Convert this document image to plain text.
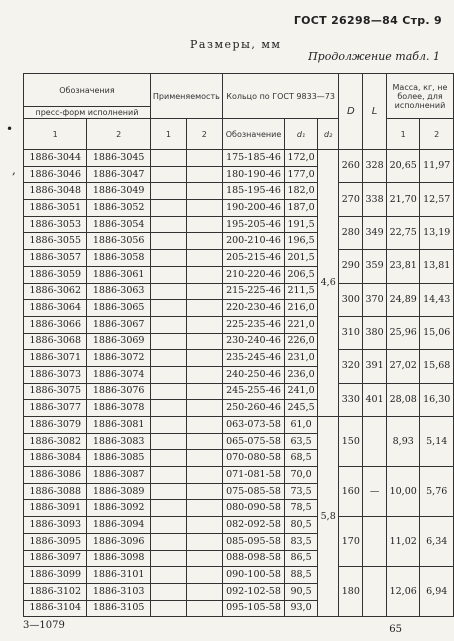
ГОСТ 26298—84 Стр. 9
Размеры, мм
Продолжение табл. 1
•
,
Обозначения		Применяемость		Кольцо по ГОСТ 9833—73			D	L	Масса, кг, не более, для исполнений	
пресс-форм исполнений										
1	2	1	2	Обозначение	d₁	d₂			1	2
1886-3044	1886-3045			175-185-46	172,0	4,6	260	328	20,65	11,97
1886-3046	1886-3047			180-190-46	177,0					
1886-3048	1886-3049			185-195-46	182,0		270	338	21,70	12,57
1886-3051	1886-3052			190-200-46	187,0					
1886-3053	1886-3054			195-205-46	191,5		280	349	22,75	13,19
1886-3055	1886-3056			200-210-46	196,5					
1886-3057	1886-3058			205-215-46	201,5		290	359	23,81	13,81
1886-3059	1886-3061			210-220-46	206,5					
1886-3062	1886-3063			215-225-46	211,5		300	370	24,89	14,43
1886-3064	1886-3065			220-230-46	216,0					
1886-3066	1886-3067			225-235-46	221,0		310	380	25,96	15,06
1886-3068	1886-3069			230-240-46	226,0					
1886-3071	1886-3072			235-245-46	231,0		320	391	27,02	15,68
1886-3073	1886-3074			240-250-46	236,0					
1886-3075	1886-3076			245-255-46	241,0		330	401	28,08	16,30
1886-3077	1886-3078			250-260-46	245,5					
1886-3079	1886-3081			063-073-58	61,0	5,8	150		8,93	5,14
1886-3082	1886-3083			065-075-58	63,5					
1886-3084	1886-3085			070-080-58	68,5					
1886-3086	1886-3087			071-081-58	70,0		160	—	10,00	5,76
1886-3088	1886-3089			075-085-58	73,5					
1886-3091	1886-3092			080-090-58	78,5					
1886-3093	1886-3094			082-092-58	80,5		170		11,02	6,34
1886-3095	1886-3096			085-095-58	83,5					
1886-3097	1886-3098			088-098-58	86,5					
1886-3099	1886-3101			090-100-58	88,5		180		12,06	6,94
1886-3102	1886-3103			092-102-58	90,5					
1886-3104	1886-3105			095-105-58	93,0					
3—1079	65
